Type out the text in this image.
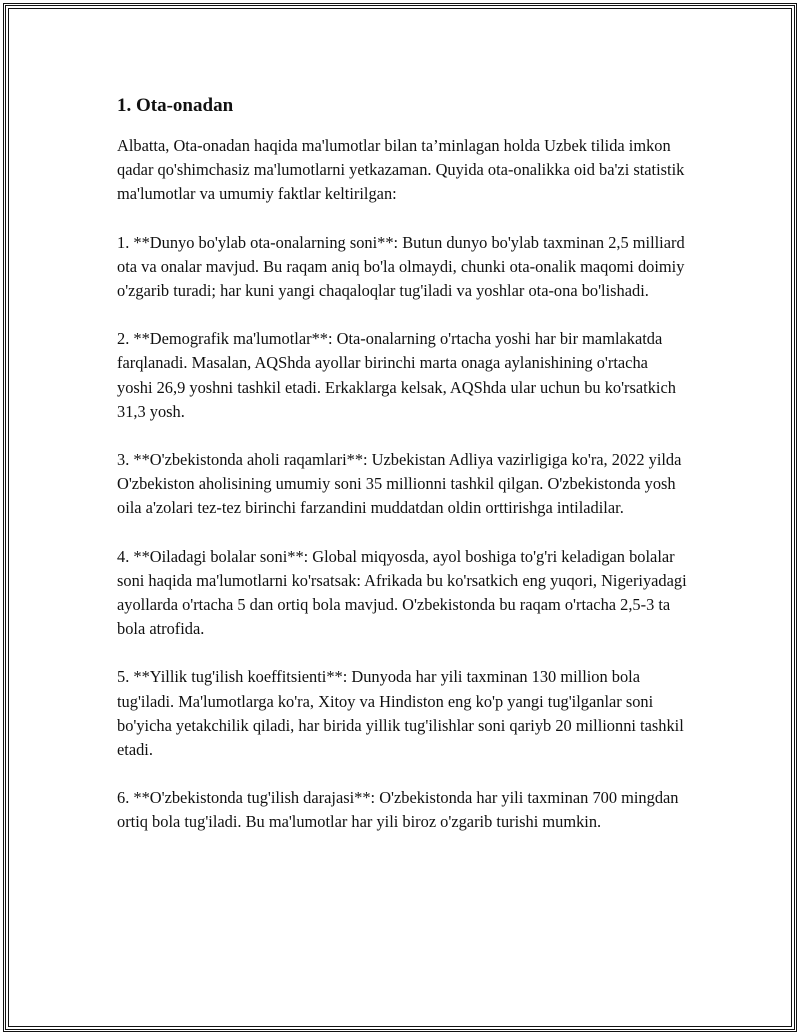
1. Ota-onadan

Albatta, Ota-onadan haqida ma'lumotlar bilan ta’minlagan holda Uzbek tilida imkon qadar qo'shimchasiz ma'lumotlarni yetkazaman. Quyida ota-onalikka oid ba'zi statistik ma'lumotlar va umumiy faktlar keltirilgan:

1. **Dunyo bo'ylab ota-onalarning soni**: Butun dunyo bo'ylab taxminan 2,5 milliard ota va onalar mavjud. Bu raqam aniq bo'la olmaydi, chunki ota-onalik maqomi doimiy o'zgarib turadi; har kuni yangi chaqaloqlar tug'iladi va yoshlar ota-ona bo'lishadi.

2. **Demografik ma'lumotlar**: Ota-onalarning o'rtacha yoshi har bir mamlakatda farqlanadi. Masalan, AQShda ayollar birinchi marta onaga aylanishining o'rtacha yoshi 26,9 yoshni tashkil etadi. Erkaklarga kelsak, AQShda ular uchun bu ko'rsatkich 31,3 yosh.

3. **O'zbekistonda aholi raqamlari**: Uzbekistan Adliya vazirligiga ko'ra, 2022 yilda O'zbekiston aholisining umumiy soni 35 millionni tashkil qilgan. O'zbekistonda yosh oila a'zolari tez-tez birinchi farzandini muddatdan oldin orttirishga intiladilar.

4. **Oiladagi bolalar soni**: Global miqyosda, ayol boshiga to'g'ri keladigan bolalar soni haqida ma'lumotlarni ko'rsatsak: Afrikada bu ko'rsatkich eng yuqori, Nigeriyadagi ayollarda o'rtacha 5 dan ortiq bola mavjud. O'zbekistonda bu raqam o'rtacha 2,5-3 ta bola atrofida.

5. **Yillik tug'ilish koeffitsienti**: Dunyoda har yili taxminan 130 million bola tug'iladi. Ma'lumotlarga ko'ra, Xitoy va Hindiston eng ko'p yangi tug'ilganlar soni bo'yicha yetakchilik qiladi, har birida yillik tug'ilishlar soni qariyb 20 millionni tashkil etadi.

6. **O'zbekistonda tug'ilish darajasi**: O'zbekistonda har yili taxminan 700 mingdan ortiq bola tug'iladi. Bu ma'lumotlar har yili biroz o'zgarib turishi mumkin.
